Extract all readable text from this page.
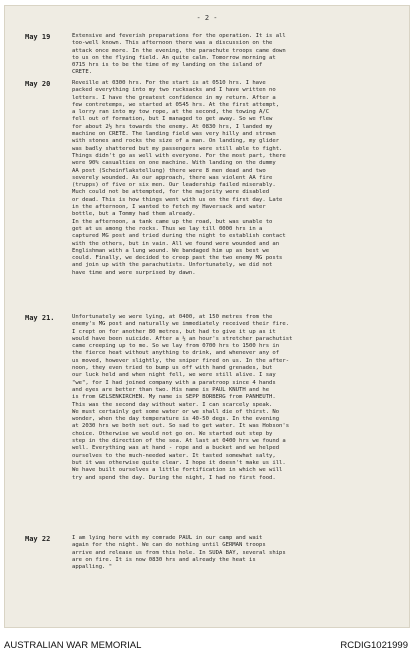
- 2 -
May 19	Extensive and feverish preparations for the operation. It is all
too-well known. This afternoon there was a discussion on the
attack once more. In the evening, the parachute troops came down
to us on the flying field. An quite calm. Tomorrow morning at
0715 hrs is to be the time of my landing on the island of
CRETE.
May 20	Reveille at 0300 hrs. For the start is at 0510 hrs. I have
packed everything into my two rucksacks and I have written no
letters. I have the greatest confidence in my return. After a
few contretemps, we started at 0545 hrs. At the first attempt,
a lorry ran into my tow rope, at the second, the towing A/C
fell out of formation, but I managed to get away. So we flew
for about 2½ hrs towards the enemy. At 0830 hrs, I landed my
machine on CRETE. The landing field was very hilly and strewn
with stones and rocks the size of a man. On landing, my glider
was badly shattered but my passengers were still able to fight.
Things didn't go as well with everyone. For the most part, there
were 90% casualties on one machine. With landing on the dummy
AA post (Scheinflakstellung) there were 8 men dead and two
severely wounded. As our approach, there was violent AA fire
(trupps) of five or six men. Our leadership failed miserably.
Much could not be attempted, for the majority were disabled
or dead. This is how things went with us on the first day. Late
in the afternoon, I wanted to fetch my Haversack and water
bottle, but a Tommy had them already.
In the afternoon, a tank came up the road, but was unable to
get at us among the rocks. Thus we lay till 0000 hrs in a
captured MG post and tried during the night to establish contact
with the others, but in vain. All we found were wounded and an
Englishman with a lung wound. We bandaged him up as best we
could. Finally, we decided to creep past the two enemy MG posts
and join up with the parachutists. Unfortunately, we did not
have time and were surprised by dawn.
May 21.	Unfortunately we were lying, at 0400, at 150 metres from the
enemy's MG post and naturally we immediately received their fire.
I crept on for another 80 metres, but had to give it up as it
would have been suicide. After a ½ an hour's stretcher parachutist
came creeping up to me. So we lay from 0700 hrs to 1500 hrs in
the fierce heat without anything to drink, and whenever any of
us moved, however slightly, the sniper fired on us. In the after-
noon, they even tried to bump us off with hand grenades, but
our luck held and when night fell, we were still alive. I say
"we", for I had joined company with a paratroop since 4 hands
and eyes are better than two. His name is PAUL KNUTH and he
is from GELSENKIRCHEN. My name is SEPP BORBERG from PANHEUTH.
This was the second day without water. I can scarcely speak.
We must certainly get some water or we shall die of thirst. No
wonder, when the day temperature is 40-50 degs. In the evening
at 2030 hrs we both set out. So sad to get water. It was Hobson's
choice. Otherwise we would not go on. We started out step by
step in the direction of the sea. At last at 0400 hrs we found a
well. Everything was at hand - rope and a bucket and we helped
ourselves to the much-needed water. It tasted somewhat salty,
but it was otherwise quite clear. I hope it doesn't make us ill.
We have built ourselves a little fortification in which we will
try and spend the day. During the night, I had no first food.
May 22	I am lying here with my comrade PAUL in our camp and wait
again for the night. We can do nothing until GERMAN troops
arrive and release us from this hole. In SUDA BAY, several ships
are on fire. It is now 0830 hrs and already the heat is
appalling. "
AUSTRALIAN WAR MEMORIAL	RCDIG1021999
